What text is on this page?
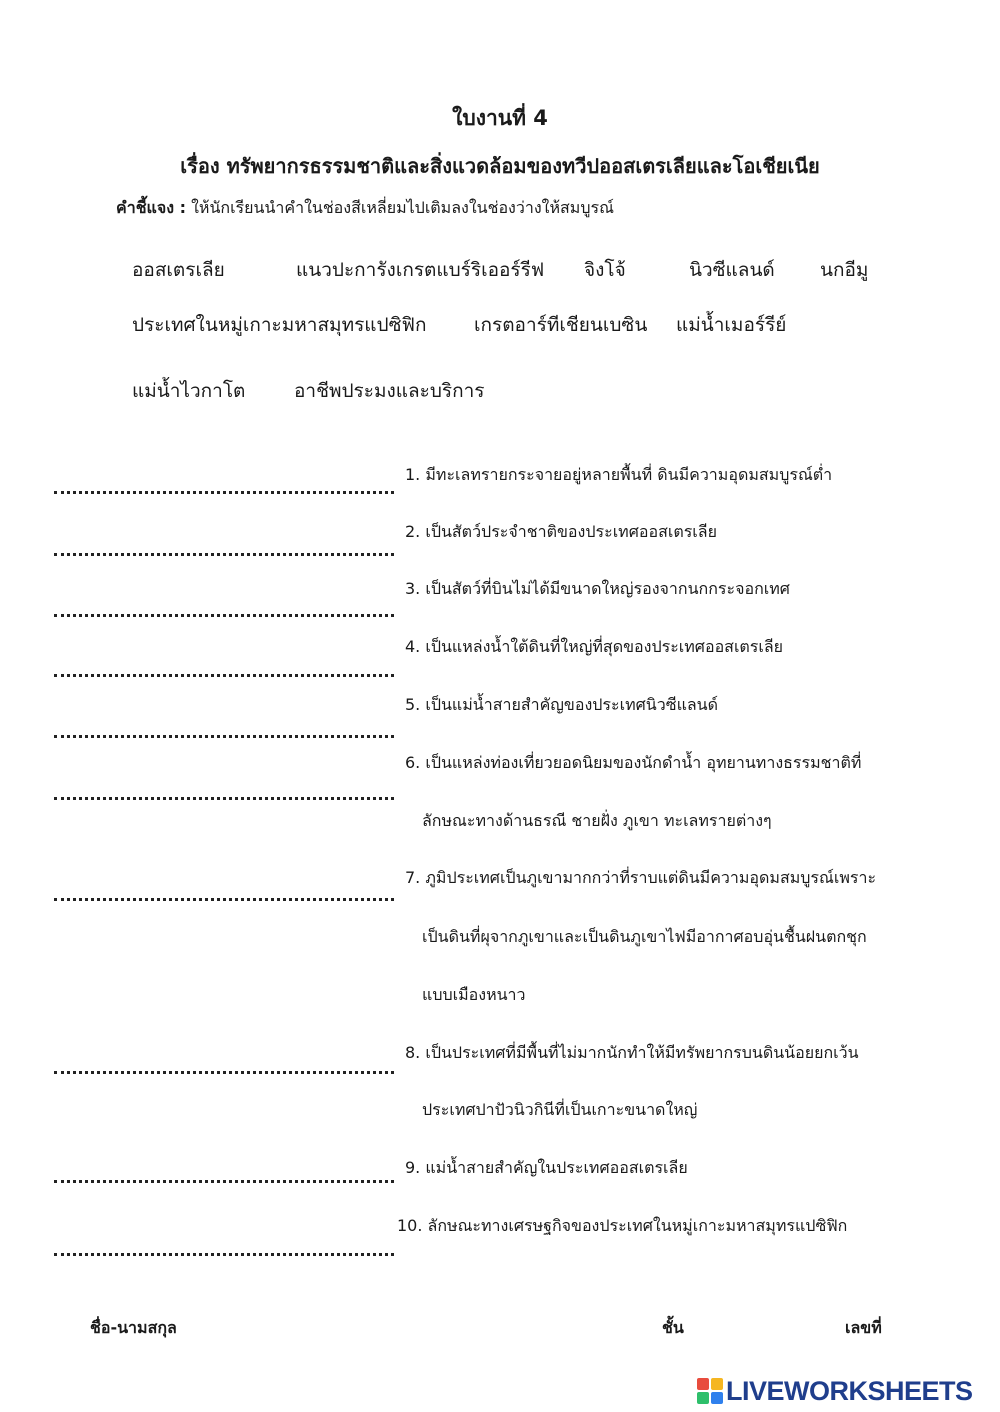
ใบงานที่ 4
เรื่อง ทรัพยากรธรรมชาติและสิ่งแวดล้อมของทวีปออสเตรเลียและโอเชียเนีย
คำชี้แจง : ให้นักเรียนนำคำในช่องสีเหลี่ยมไปเติมลงในช่องว่างให้สมบูรณ์
ออสเตรเลีย	แนวปะการังเกรตแบร์ริเออร์รีฟ จิงโจ้	นิวซีแลนด์ นกอีมู
ประเทศในหมู่เกาะมหาสมุทรแปซิฟิก	เกรตอาร์ทีเชียนเบซิน แม่น้ำเมอร์รีย์
แม่น้ำไวกาโต	อาชีพประมงและบริการ
1. มีทะเลทรายกระจายอยู่หลายพื้นที่ ดินมีความอุดมสมบูรณ์ต่ำ
2. เป็นสัตว์ประจำชาติของประเทศออสเตรเลีย
3. เป็นสัตว์ที่บินไม่ได้มีขนาดใหญ่รองจากนกกระจอกเทศ
4. เป็นแหล่งน้ำใต้ดินที่ใหญ่ที่สุดของประเทศออสเตรเลีย
5. เป็นแม่น้ำสายสำคัญของประเทศนิวซีแลนด์
6. เป็นแหล่งท่องเที่ยวยอดนิยมของนักดำน้ำ อุทยานทางธรรมชาติที่
ลักษณะทางด้านธรณี ชายฝั่ง ภูเขา ทะเลทรายต่างๆ
7. ภูมิประเทศเป็นภูเขามากกว่าที่ราบแต่ดินมีความอุดมสมบูรณ์เพราะ
เป็นดินที่ผุจากภูเขาและเป็นดินภูเขาไฟมีอากาศอบอุ่นชื้นฝนตกชุก
แบบเมืองหนาว
8. เป็นประเทศที่มีพื้นที่ไม่มากนักทำให้มีทรัพยากรบนดินน้อยยกเว้น
ประเทศปาปัวนิวกินีที่เป็นเกาะขนาดใหญ่
9. แม่น้ำสายสำคัญในประเทศออสเตรเลีย
10. ลักษณะทางเศรษฐกิจของประเทศในหมู่เกาะมหาสมุทรแปซิฟิก
ชื่อ-นามสกุล	ชั้น	เลขที่
LIVEWORKSHEETS
